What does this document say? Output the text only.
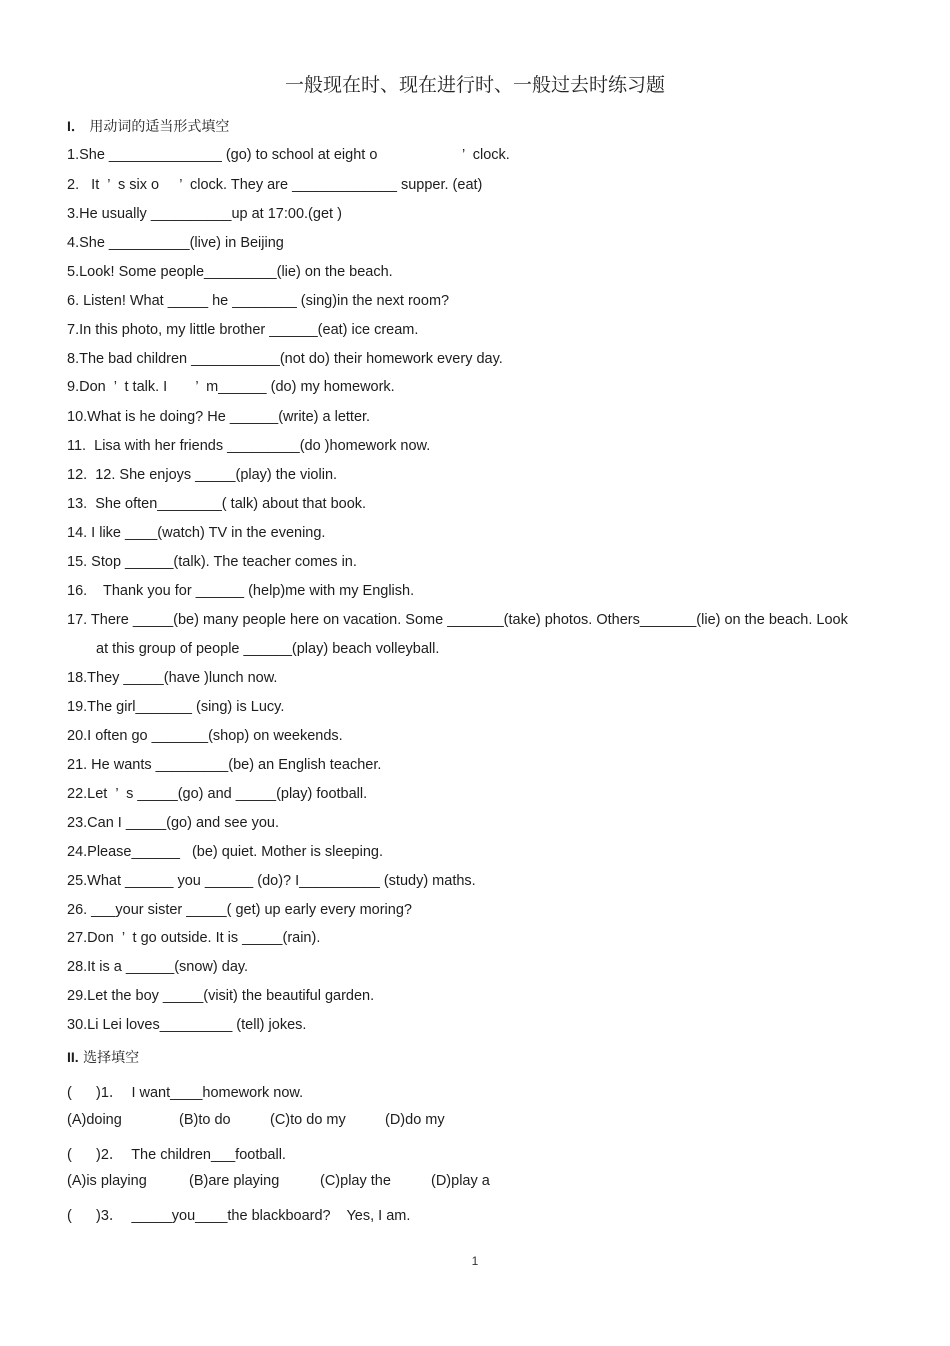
一般现在时、现在进行时、一般过去时练习题
I． 用动词的适当形式填空
1.She ______________ (go) to school at eight o                     ’  clock.
2.   It  ’  s six o     ’  clock. They are _____________ supper. (eat)
3.He usually __________up at 17:00.(get )
4.She __________(live) in Beijing
5.Look! Some people_________(lie) on the beach.
6. Listen! What _____ he ________ (sing)in the next room?
7.In this photo, my little brother ______(eat) ice cream.
8.The bad children ___________(not do) their homework every day.
9.Don  ’  t talk. I       ’  m______ (do) my homework.
10.What is he doing? He ______(write) a letter.
11.  Lisa with her friends _________(do )homework now.
12.  12. She enjoys _____(play) the violin.
13.  She often________( talk) about that book.
14. I like ____(watch) TV in the evening.
15. Stop ______(talk). The teacher comes in.
16.    Thank you for ______ (help)me with my English.
17. There _____(be) many people here on vacation. Some _______(take) photos. Others_______(lie) on the beach. Look
at this group of people ______(play) beach volleyball.
18.They _____(have )lunch now.
19.The girl_______ (sing) is Lucy.
20.I often go _______(shop) on weekends.
21. He wants _________(be) an English teacher.
22.Let  ’  s _____(go) and _____(play) football.
23.Can I _____(go) and see you.
24.Please______   (be) quiet. Mother is sleeping.
25.What ______ you ______ (do)? I__________ (study) maths.
26. ___your sister _____( get) up early every moring?
27.Don  ’  t go outside. It is _____(rain).
28.It is a ______(snow) day.
29.Let the boy _____(visit) the beautiful garden.
30.Li Lei loves_________ (tell) jokes.
II. 选择填空
(      )1．  I want____homework now.
(A)doing	(B)to do	(C)to do my	(D)do my
(      )2．  The children___football.
(A)is playing	(B)are playing	(C)play the	(D)play a
(      )3．  _____you____the blackboard?    Yes, I am.
1
